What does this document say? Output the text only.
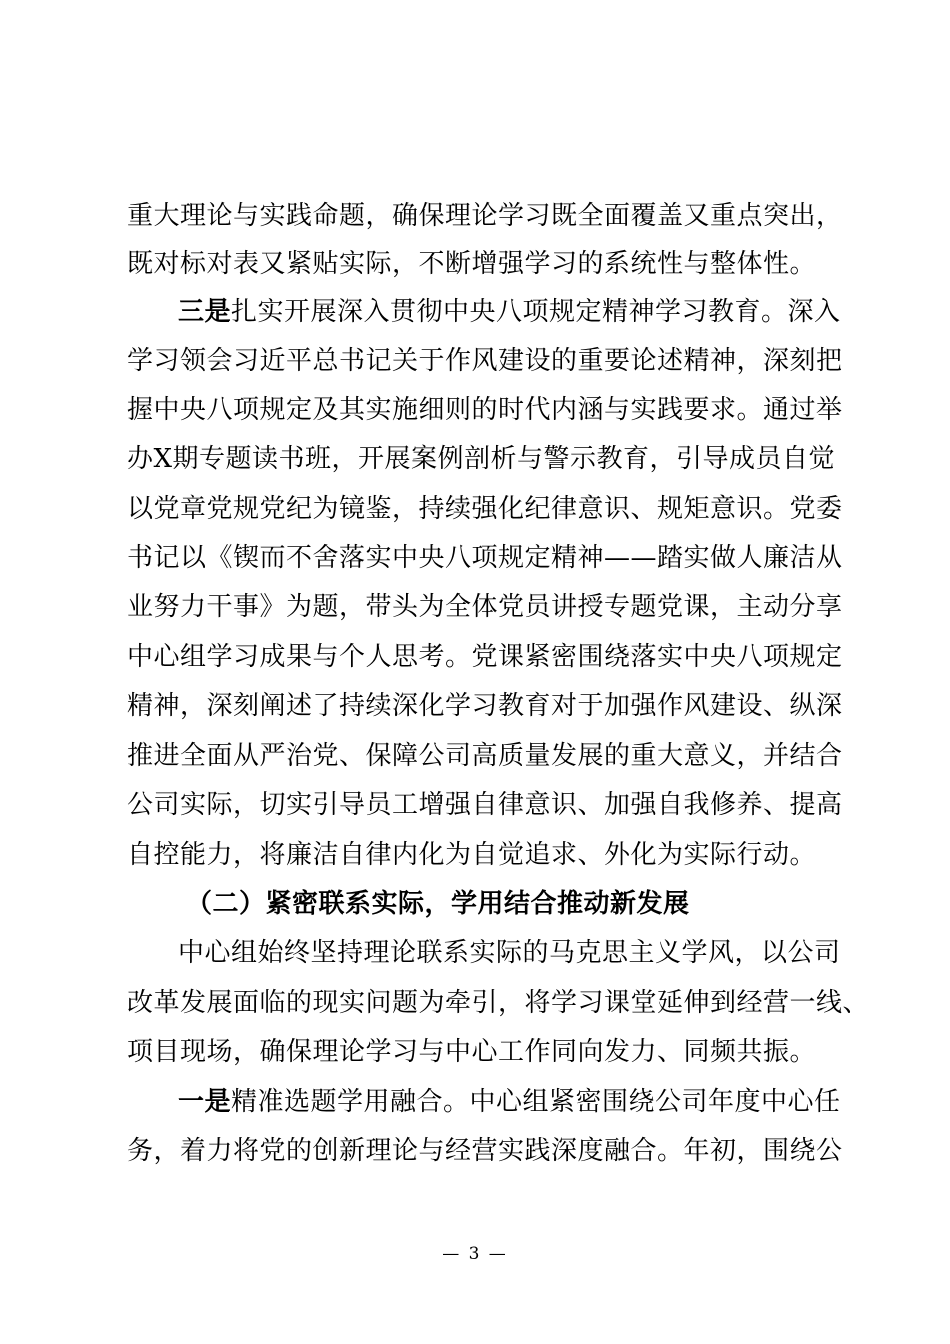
重大理论与实践命题，确保理论学习既全面覆盖又重点突出，
既对标对表又紧贴实际，不断增强学习的系统性与整体性。
三是扎实开展深入贯彻中央八项规定精神学习教育。深入
学习领会习近平总书记关于作风建设的重要论述精神，深刻把
握中央八项规定及其实施细则的时代内涵与实践要求。通过举
办X期专题读书班，开展案例剖析与警示教育，引导成员自觉
以党章党规党纪为镜鉴，持续强化纪律意识、规矩意识。党委
书记以《锲而不舍落实中央八项规定精神——踏实做人廉洁从
业努力干事》为题，带头为全体党员讲授专题党课，主动分享
中心组学习成果与个人思考。党课紧密围绕落实中央八项规定
精神，深刻阐述了持续深化学习教育对于加强作风建设、纵深
推进全面从严治党、保障公司高质量发展的重大意义，并结合
公司实际，切实引导员工增强自律意识、加强自我修养、提高
自控能力，将廉洁自律内化为自觉追求、外化为实际行动。
（二）紧密联系实际，学用结合推动新发展
中心组始终坚持理论联系实际的马克思主义学风，以公司
改革发展面临的现实问题为牵引，将学习课堂延伸到经营一线、
项目现场，确保理论学习与中心工作同向发力、同频共振。
一是精准选题学用融合。中心组紧密围绕公司年度中心任
务，着力将党的创新理论与经营实践深度融合。年初，围绕公
— 3 —
